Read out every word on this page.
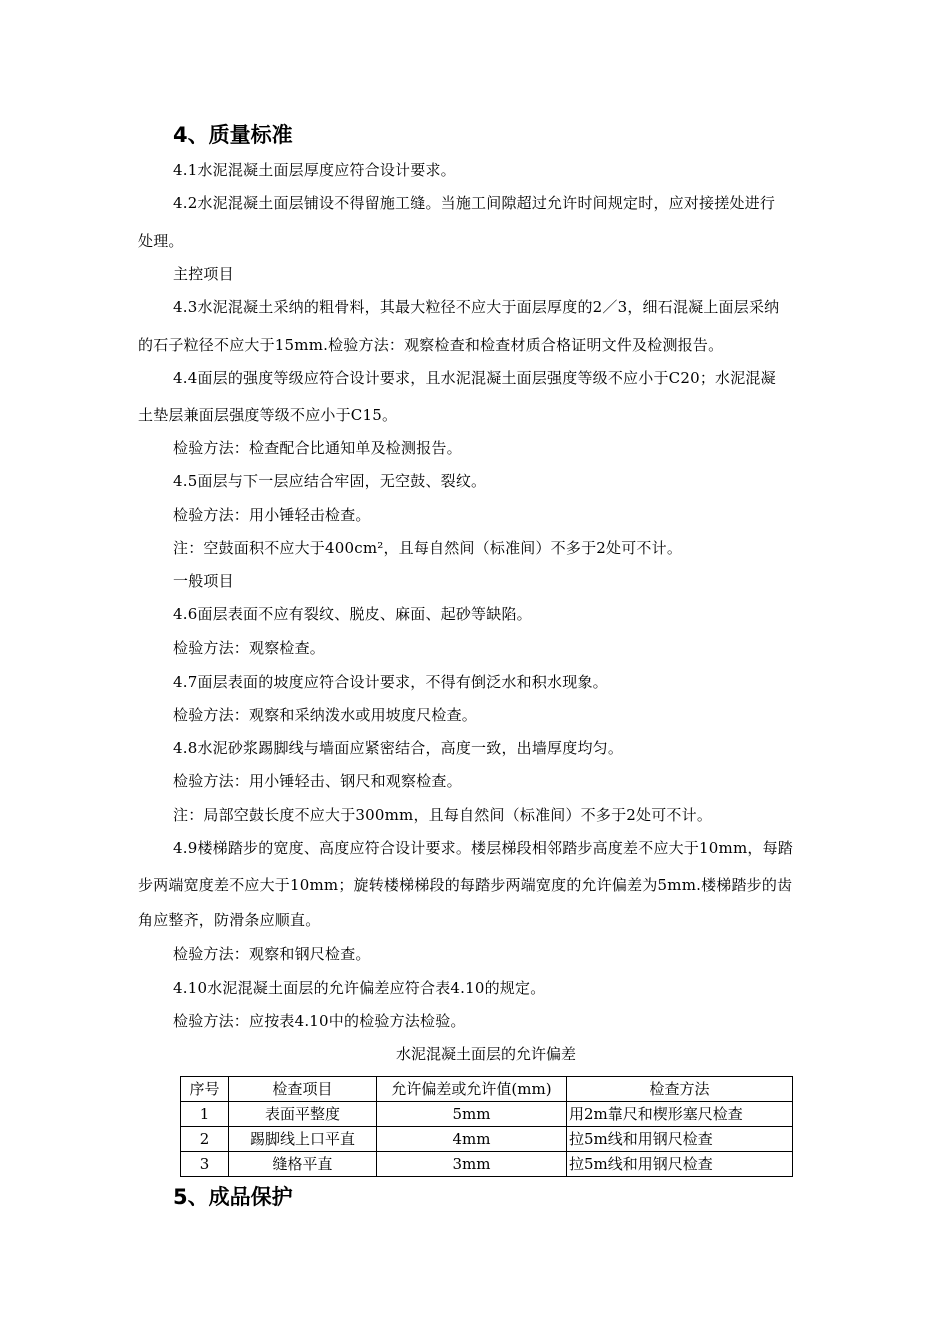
4、质量标准
4.1水泥混凝土面层厚度应符合设计要求。
4.2水泥混凝土面层铺设不得留施工缝。当施工间隙超过允许时间规定时，应对接搓处进行
处理。
主控项目
4.3水泥混凝土采纳的粗骨料，其最大粒径不应大于面层厚度的2／3，细石混凝上面层采纳
的石子粒径不应大于15mm.检验方法：观察检查和检查材质合格证明文件及检测报告。
4.4面层的强度等级应符合设计要求，且水泥混凝土面层强度等级不应小于C20；水泥混凝
土垫层兼面层强度等级不应小于C15。
检验方法：检查配合比通知单及检测报告。
4.5面层与下一层应结合牢固，无空鼓、裂纹。
检验方法：用小锤轻击检查。
注：空鼓面积不应大于400cm²，且每自然间（标准间）不多于2处可不计。
一般项目
4.6面层表面不应有裂纹、脱皮、麻面、起砂等缺陷。
检验方法：观察检查。
4.7面层表面的坡度应符合设计要求，不得有倒泛水和积水现象。
检验方法：观察和采纳泼水或用坡度尺检查。
4.8水泥砂浆踢脚线与墙面应紧密结合，高度一致，出墙厚度均匀。
检验方法：用小锤轻击、钢尺和观察检查。
注：局部空鼓长度不应大于300mm，且每自然间（标准间）不多于2处可不计。
4.9楼梯踏步的宽度、高度应符合设计要求。楼层梯段相邻踏步高度差不应大于10mm，每踏
步两端宽度差不应大于10mm；旋转楼梯梯段的每踏步两端宽度的允许偏差为5mm.楼梯踏步的齿
角应整齐，防滑条应顺直。
检验方法：观察和钢尺检查。
4.10水泥混凝土面层的允许偏差应符合表4.10的规定。
检验方法：应按表4.10中的检验方法检验。
水泥混凝土面层的允许偏差
序号	检查项目	允许偏差或允许值(mm)	检查方法
1	表面平整度	5mm	用2m靠尺和楔形塞尺检查
2	踢脚线上口平直	4mm	拉5m线和用钢尺检查
3	缝格平直	3mm	拉5m线和用钢尺检查
5、成品保护
